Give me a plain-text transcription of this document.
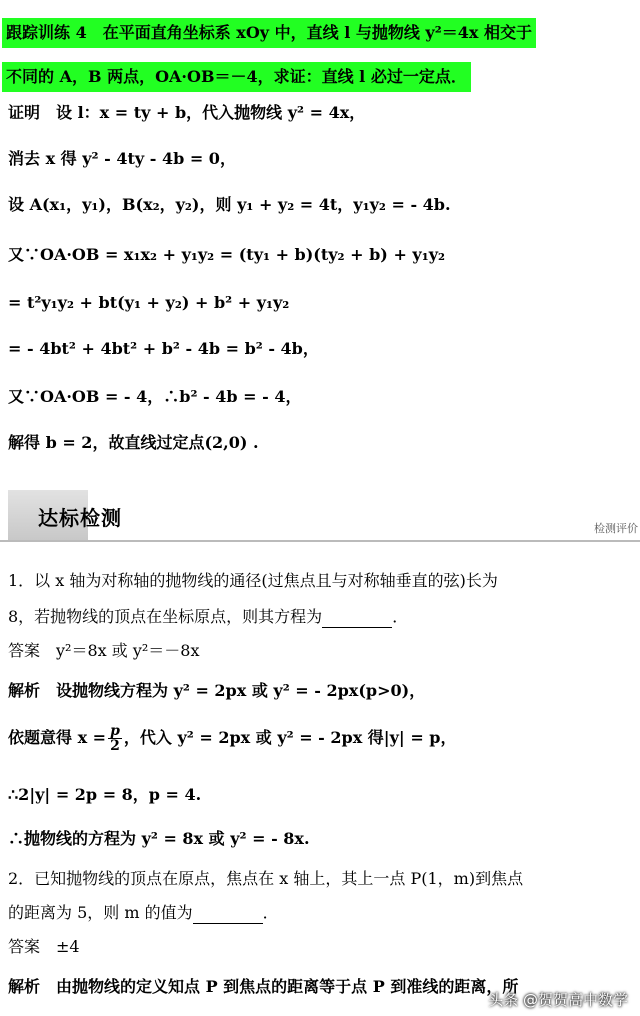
跟踪训练 4　在平面直角坐标系 xOy 中，直线 l 与抛物线 y²＝4x 相交于
不同的 A，B 两点，OA·OB＝－4，求证：直线 l 必过一定点．
证明　设 l：x = ty + b，代入抛物线 y² = 4x，
消去 x 得 y² - 4ty - 4b = 0，
设 A(x₁，y₁)，B(x₂，y₂)，则 y₁ + y₂ = 4t，y₁y₂ = - 4b.
又∵OA·OB = x₁x₂ + y₁y₂ = (ty₁ + b)(ty₂ + b) + y₁y₂
= t²y₁y₂ + bt(y₁ + y₂) + b² + y₁y₂
= - 4bt² + 4bt² + b² - 4b = b² - 4b，
又∵OA·OB = - 4，∴b² - 4b = - 4，
解得 b = 2，故直线过定点(2,0) .
达标检测	检测评价
1．以 x 轴为对称轴的抛物线的通径(过焦点且与对称轴垂直的弦)长为
8，若抛物线的顶点在坐标原点，则其方程为	．
答案　y²＝8x 或 y²＝－8x
解析　设抛物线方程为 y² = 2px 或 y² = - 2px(p>0)，
依题意得 $x = \frac{p}{2}$ ，代入 y² = 2px 或 y² = - 2px 得|y| = p，
∴2|y| = 2p = 8，p = 4.
∴抛物线的方程为 y² = 8x 或 y² = - 8x.
2．已知抛物线的顶点在原点，焦点在 x 轴上，其上一点 P(1，m)到焦点
的距离为 5，则 m 的值为	．
答案　±4
解析　由抛物线的定义知点 P 到焦点的距离等于点 P 到准线的距离，所
头条 @贺贺高中数学
